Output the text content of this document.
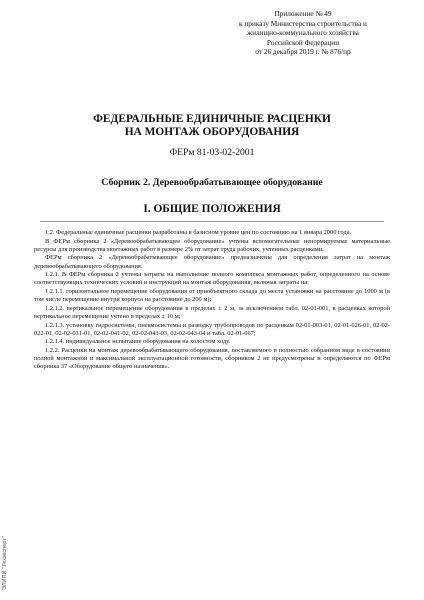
Приложение № 49
к приказу Министерства строительства и
жилищно-коммунального хозяйства
Российской Федерации
от 26 декабря 2019 г. № 876/пр
ФЕДЕРАЛЬНЫЕ ЕДИНИЧНЫЕ РАСЦЕНКИ
НА МОНТАЖ ОБОРУДОВАНИЯ
ФЕРм 81-03-02-2001
Сборник 2. Деревообрабатывающее оборудование
I. ОБЩИЕ ПОЛОЖЕНИЯ

1.2. Федеральные единичные расценки разработаны в базисном уровне цен по состоянию на 1 январа 2000 года.

В ФЕРм сборника 2 «Деревообрабатывающее оборудование» учтены вспомогательные ненормируемые материальные ресурсы для производства монтажных работ в размере 2% от затрат труда рабочих, учтенных расценками.

ФЕРм сборника 2 «Деревообрабатывающее оборудование» предназначены для определения затрат на монтаж деревообрабатывающего оборудования.

1.2.1. В ФЕРм сборника 2 учтены затраты на выполнение полного комплекса монтажных работ, определенного на основе соответствующих технических условий и инструкций на монтаж оборудования, включая затраты на:

1.2.1.1. горизонтальное перемещение оборудования от приобъектного склада до места установки на расстояние до 1000 м (в том числе перемещение внутри корпуса на расстояние до 200 м);

1.2.1.2. вертикальное перемещение оборудования в пределах ± 2 м, за исключением табл. 02-01-001, в расценках которой вертикальное перемещение учтено в пределах ± 10 м;

1.2.1.3. установку гидросистемы, пневмосистемы и разводку трубопроводов по расценкам 02-01-003-01, 02-01-026-01, 02-02-022-01, 02-02-031-01, 02-02-041-02, 02-02-043-03, 02-02-043-04 и табл. 02-01-067;

1.2.1.4. индивидуальное испытание оборудования на холостом ходу.

1.2.2. Расценки на монтаж деревообрабатывающего оборудования, поставляемого в полностью собранном виде в состоянии полной монтажной и максимальной эксплуатационной готовности, сборником 2 не предусмотрены и определяются по ФЕРм сборника 37 «Оборудование общего назначения».

ЭЛИПИ "Техэксперт"
